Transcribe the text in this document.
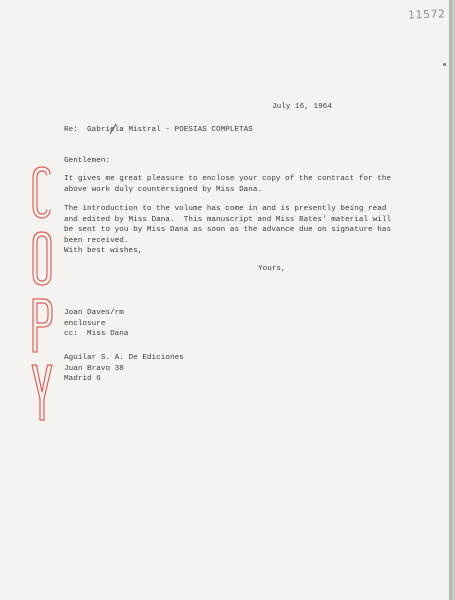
11572
July 16, 1964
Re: Gabriela Mistral - POESIAS COMPLETAS
Gentlemen:
It gives me great pleasure to enclose your copy of the contract for the
above work duly countersigned by Miss Dana.
The introduction to the volume has come in and is presently being read
and edited by Miss Dana.  This manuscript and Miss Bates' material will
be sent to you by Miss Dana as soon as the advance due on signature has
been received.
With best wishes,
Yours,
Joan Daves/rm
enclosure
cc:  Miss Dana
Aguilar S. A. De Ediciones
Juan Bravo 38
Madrid 6
